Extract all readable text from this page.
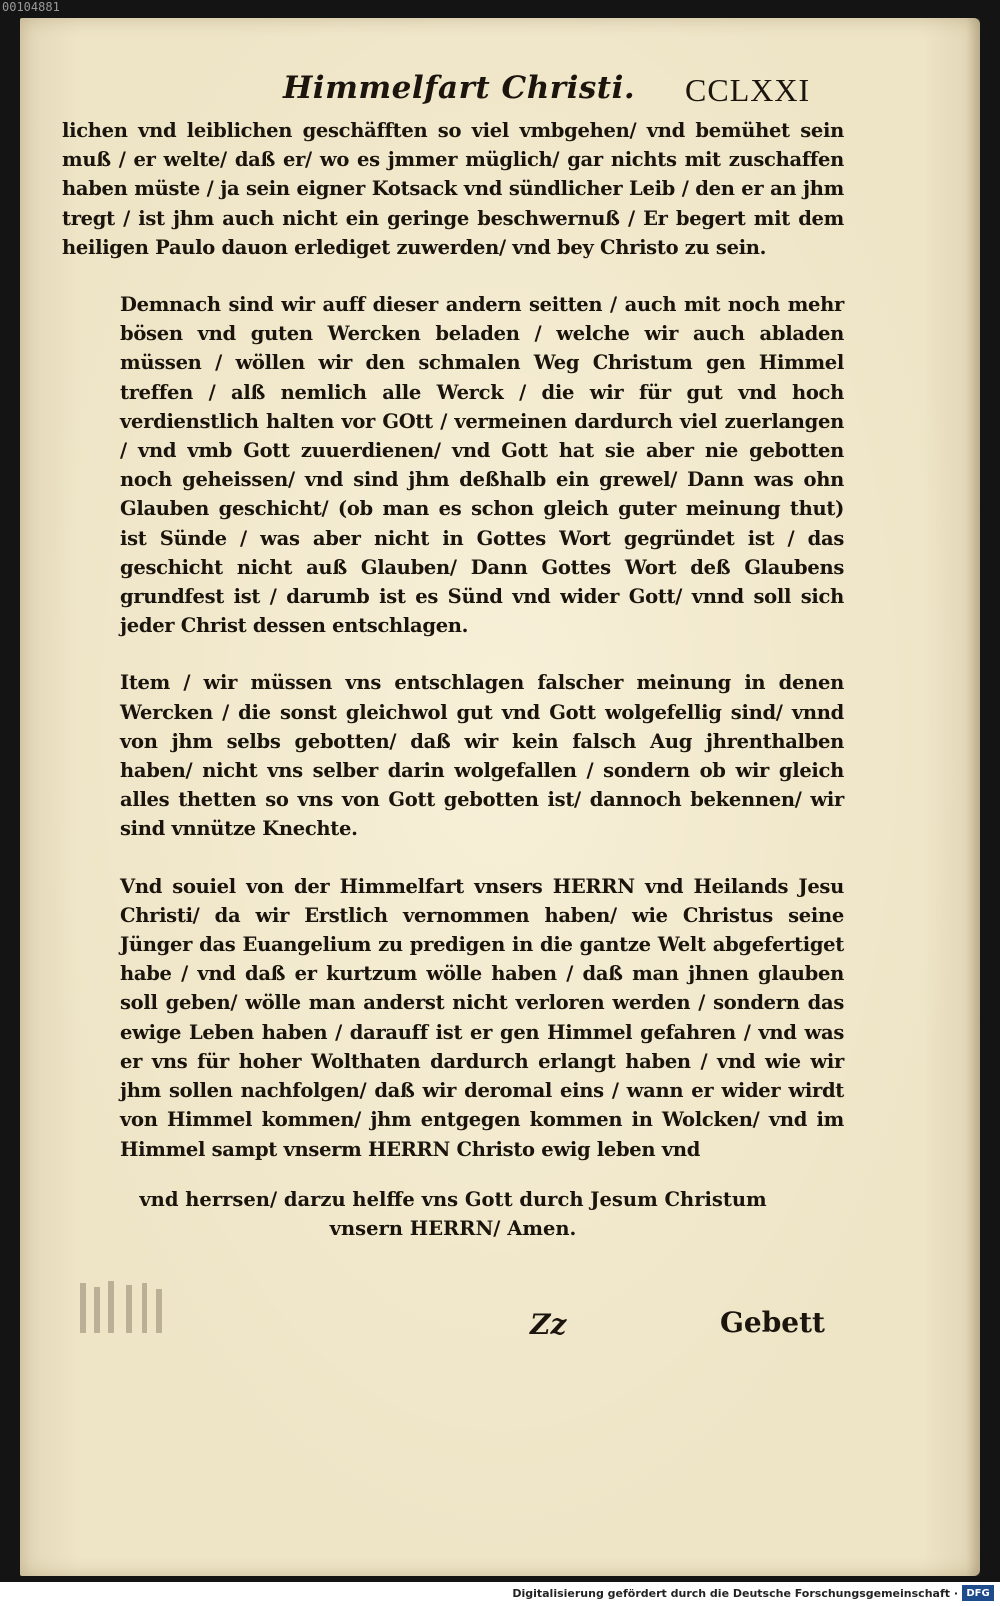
00104881
Himmelfart Christi. CCLXXI

lichen vnd leiblichen geschäfften so viel vmbgehen/ vnd bemühet sein muß / er welte/ daß er/ wo es jmmer müglich/ gar nichts mit zuschaffen haben müste / ja sein eigner Kotsack vnd sündlicher Leib / den er an jhm tregt / ist jhm auch nicht ein geringe beschwernuß / Er begert mit dem heiligen Paulo dauon erlediget zuwerden/ vnd bey Christo zu sein.

Demnach sind wir auff dieser andern seitten / auch mit noch mehr bösen vnd guten Wercken beladen / welche wir auch abladen müssen / wöllen wir den schmalen Weg Christum gen Himmel treffen / alß nemlich alle Werck / die wir für gut vnd hoch verdienstlich halten vor GOtt / vermeinen dardurch viel zuerlangen / vnd vmb Gott zuuerdienen/ vnd Gott hat sie aber nie gebotten noch geheissen/ vnd sind jhm deßhalb ein grewel/ Dann was ohn Glauben geschicht/ (ob man es schon gleich guter meinung thut) ist Sünde / was aber nicht in Gottes Wort gegründet ist / das geschicht nicht auß Glauben/ Dann Gottes Wort deß Glaubens grundfest ist / darumb ist es Sünd vnd wider Gott/ vnnd soll sich jeder Christ dessen entschlagen.

Item / wir müssen vns entschlagen falscher meinung in denen Wercken / die sonst gleichwol gut vnd Gott wolgefellig sind/ vnnd von jhm selbs gebotten/ daß wir kein falsch Aug jhrenthalben haben/ nicht vns selber darin wolgefallen / sondern ob wir gleich alles thetten so vns von Gott gebotten ist/ dannoch bekennen/ wir sind vnnütze Knechte.

Vnd souiel von der Himmelfart vnsers HERRN vnd Heilands Jesu Christi/ da wir Erstlich vernommen haben/ wie Christus seine Jünger das Euangelium zu predigen in die gantze Welt abgefertiget habe / vnd daß er kurtzum wölle haben / daß man jhnen glauben soll geben/ wölle man anderst nicht verloren werden / sondern das ewige Leben haben / darauff ist er gen Himmel gefahren / vnd was er vns für hoher Wolthaten dardurch erlangt haben / vnd wie wir jhm sollen nachfolgen/ daß wir deromal eins / wann er wider wirdt von Himmel kommen/ jhm entgegen kommen in Wolcken/ vnd im Himmel sampt vnserm HERRN Christo ewig leben vnd

vnd herrsen/ darzu helffe vns Gott durch Jesum Christum
vnsern HERRN/ Amen.
Zz	Gebett
Digitalisierung gefördert durch die Deutsche Forschungsgemeinschaft · DFG
